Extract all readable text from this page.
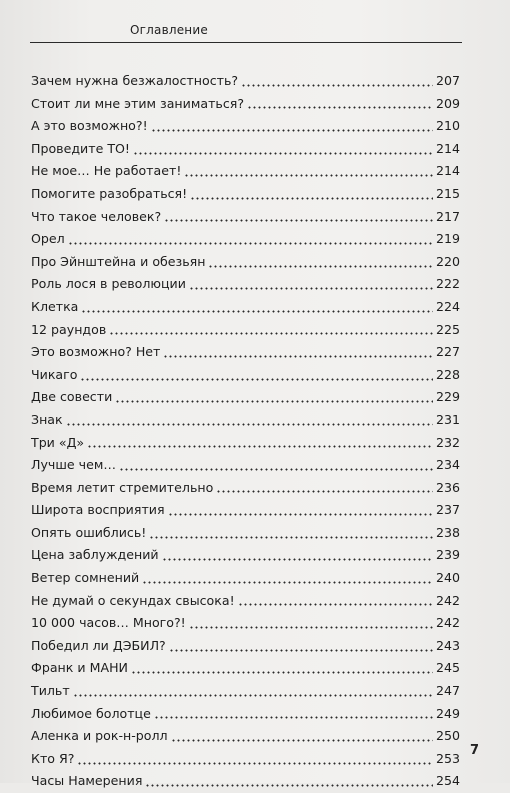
Оглавление
Зачем нужна безжалостность?	207
Стоит ли мне этим заниматься?	209
А это возможно?!	210
Проведите ТО!	214
Не мое… Не работает!	214
Помогите разобраться!	215
Что такое человек?	217
Орел	219
Про Эйнштейна и обезьян	220
Роль лося в революции	222
Клетка	224
12 раундов	225
Это возможно? Нет	227
Чикаго	228
Две совести	229
Знак	231
Три «Д»	232
Лучше чем…	234
Время летит стремительно	236
Широта восприятия	237
Опять ошиблись!	238
Цена заблуждений	239
Ветер сомнений	240
Не думай о секундах свысока!	242
10 000 часов… Много?!	242
Победил ли ДЭБИЛ?	243
Франк и МАНИ	245
Тильт	247
Любимое болотце	249
Аленка и рок-н-ролл	250
Кто Я?	253
Часы Намерения	254
7
